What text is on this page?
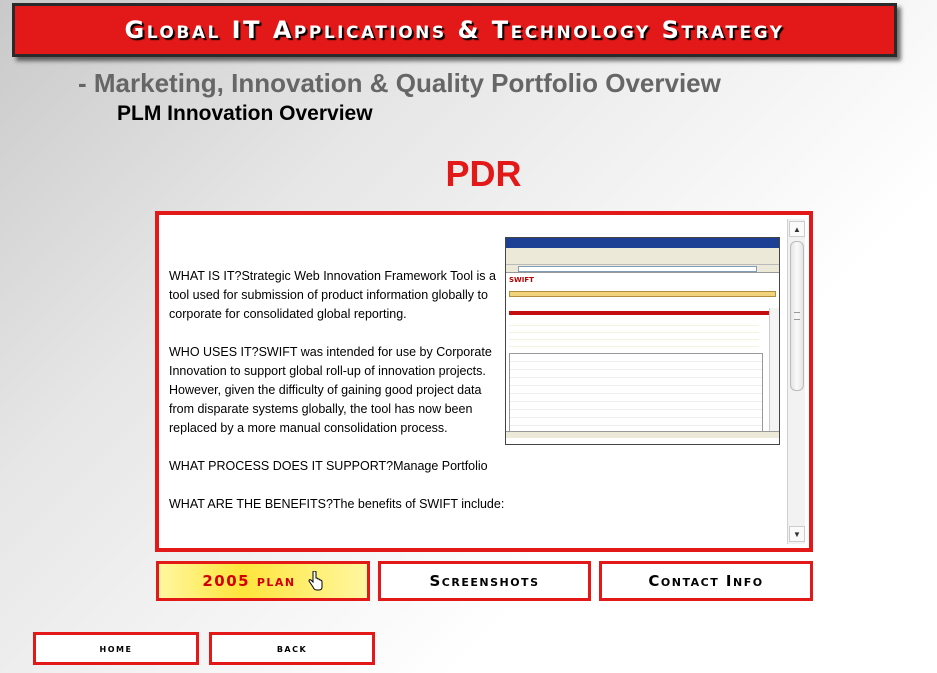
Global IT Applications & Technology Strategy
- Marketing, Innovation & Quality Portfolio Overview
PLM Innovation Overview
PDR
SWIFT

WHAT IS IT?Strategic Web Innovation Framework Tool is a tool used for submission of product information globally to corporate for consolidated global reporting.

WHO USES IT?SWIFT was intended for use by Corporate Innovation to support global roll-up of innovation projects. However, given the difficulty of gaining good project data from disparate systems globally, the tool has now been replaced by a more manual consolidation process.

WHAT PROCESS DOES IT SUPPORT?Manage Portfolio

WHAT ARE THE BENEFITS?The benefits of SWIFT include:

▲
▼
2005 plan	Screenshots	Contact Info
home	back
